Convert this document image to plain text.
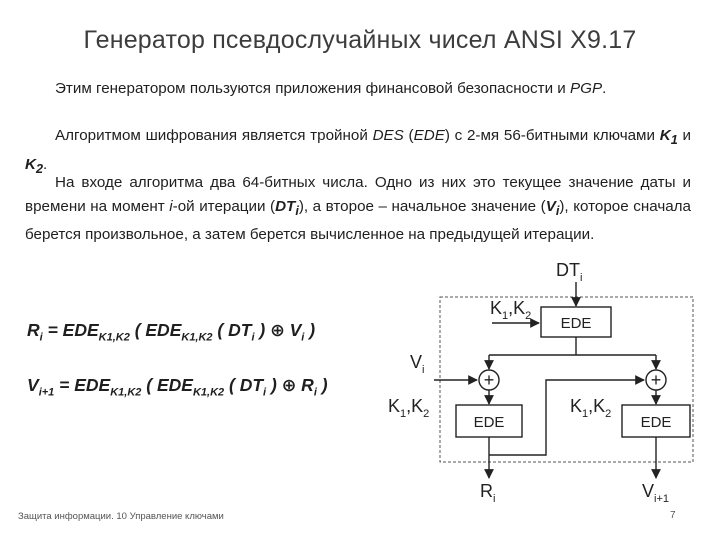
Генератор псевдослучайных чисел ANSI X9.17

Этим генератором пользуются приложения финансовой безопасности и PGP.

Алгоритмом шифрования является тройной DES (EDE) с 2-мя 56-битными ключами $K_1$ и $K_2$.

На входе алгоритма два 64-битных числа. Одно из них это текущее значение даты и времени на момент i-ой итерации $(DT_i)$, а второе – начальное значение $(V_i)$, которое сначала берется произвольное, а затем берется вычисленное на предыдущей итерации.

$R_i = EDE_{K1,K2}$ ( $EDE_{K1,K2}$ ( $DT_i$ ) ⊕ $V_i$ )
$V_{i+1} = EDE_{K1,K2}$ ( $EDE_{K1,K2}$ ( $DT_i$ ) ⊕ $R_i$ )
$DT_i$
EDE
$K_1,K_2$
$V_i$	+
EDE
$K_1,K_2$
$R_i$
+
EDE
$K_1,K_2$
$V_{i+1}$
Защита информации. 10 Управление ключами	7
